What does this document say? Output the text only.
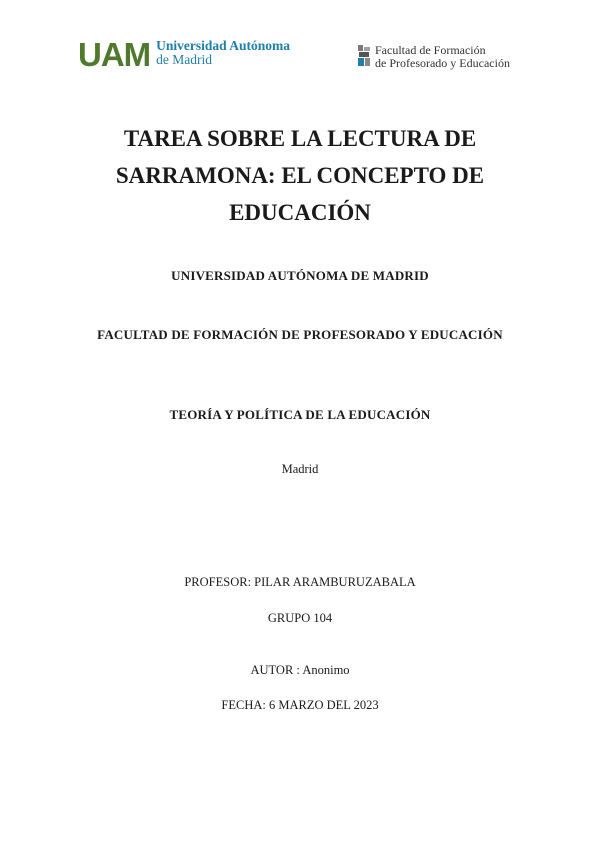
UAM Universidad Autónoma
de Madrid
Facultad de Formación
de Profesorado y Educación
TAREA SOBRE LA LECTURA DE SARRAMONA: EL CONCEPTO DE EDUCACIÓN

UNIVERSIDAD AUTÓNOMA DE MADRID

FACULTAD DE FORMACIÓN DE PROFESORADO Y EDUCACIÓN

TEORÍA Y POLÍTICA DE LA EDUCACIÓN

Madrid

PROFESOR: PILAR ARAMBURUZABALA

GRUPO 104

AUTOR : Anonimo

FECHA: 6 MARZO DEL 2023
